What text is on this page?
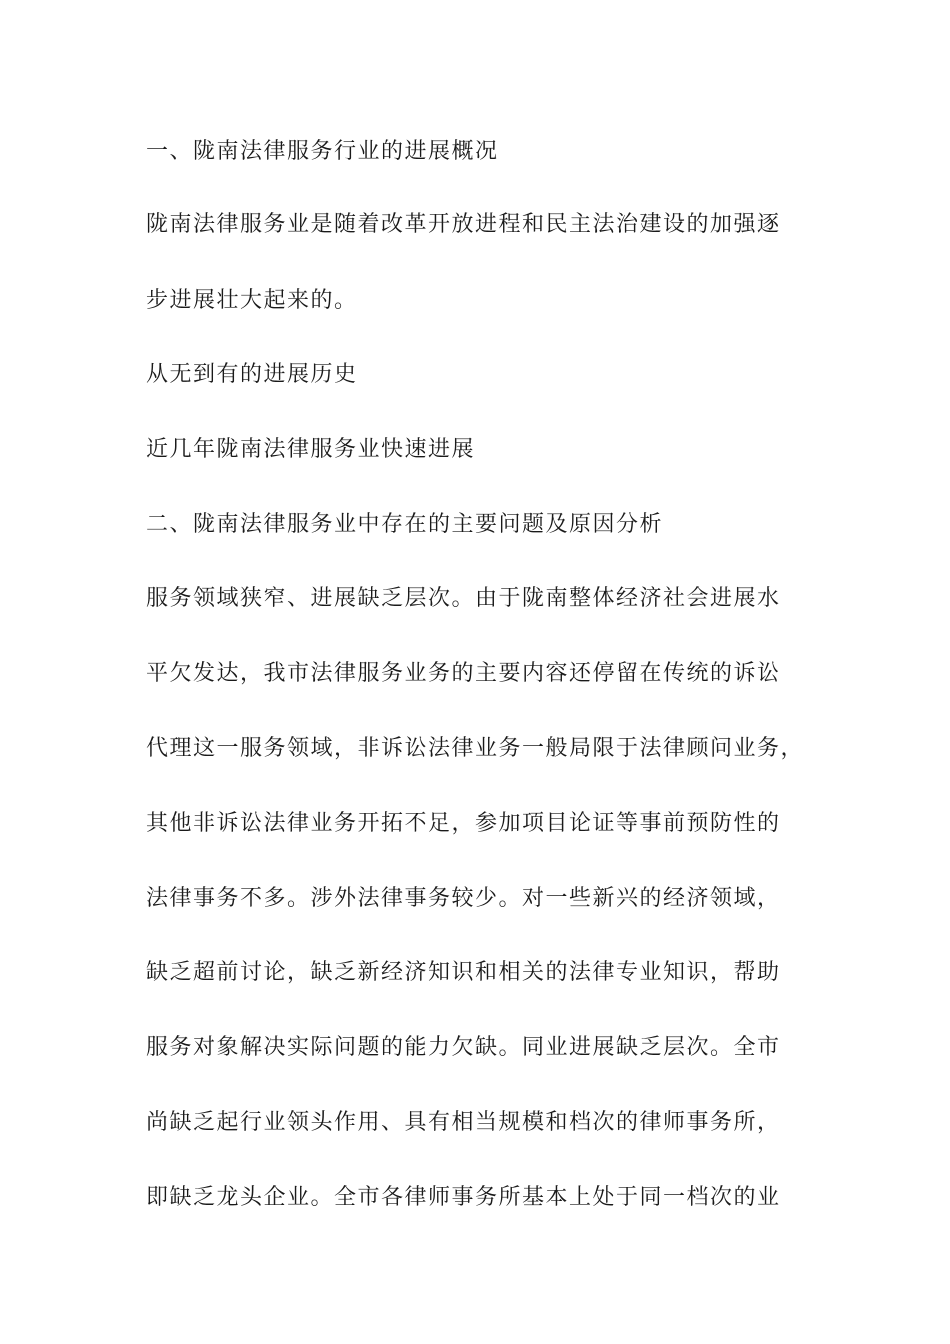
一、陇南法律服务行业的进展概况
陇南法律服务业是随着改革开放进程和民主法治建设的加强逐
步进展壮大起来的。
从无到有的进展历史
近几年陇南法律服务业快速进展
二、陇南法律服务业中存在的主要问题及原因分析
服务领域狭窄、进展缺乏层次。由于陇南整体经济社会进展水
平欠发达，我市法律服务业务的主要内容还停留在传统的诉讼
代理这一服务领域，非诉讼法律业务一般局限于法律顾问业务，
其他非诉讼法律业务开拓不足，参加项目论证等事前预防性的
法律事务不多。涉外法律事务较少。对一些新兴的经济领域，
缺乏超前讨论，缺乏新经济知识和相关的法律专业知识，帮助
服务对象解决实际问题的能力欠缺。同业进展缺乏层次。全市
尚缺乏起行业领头作用、具有相当规模和档次的律师事务所，
即缺乏龙头企业。全市各律师事务所基本上处于同一档次的业
